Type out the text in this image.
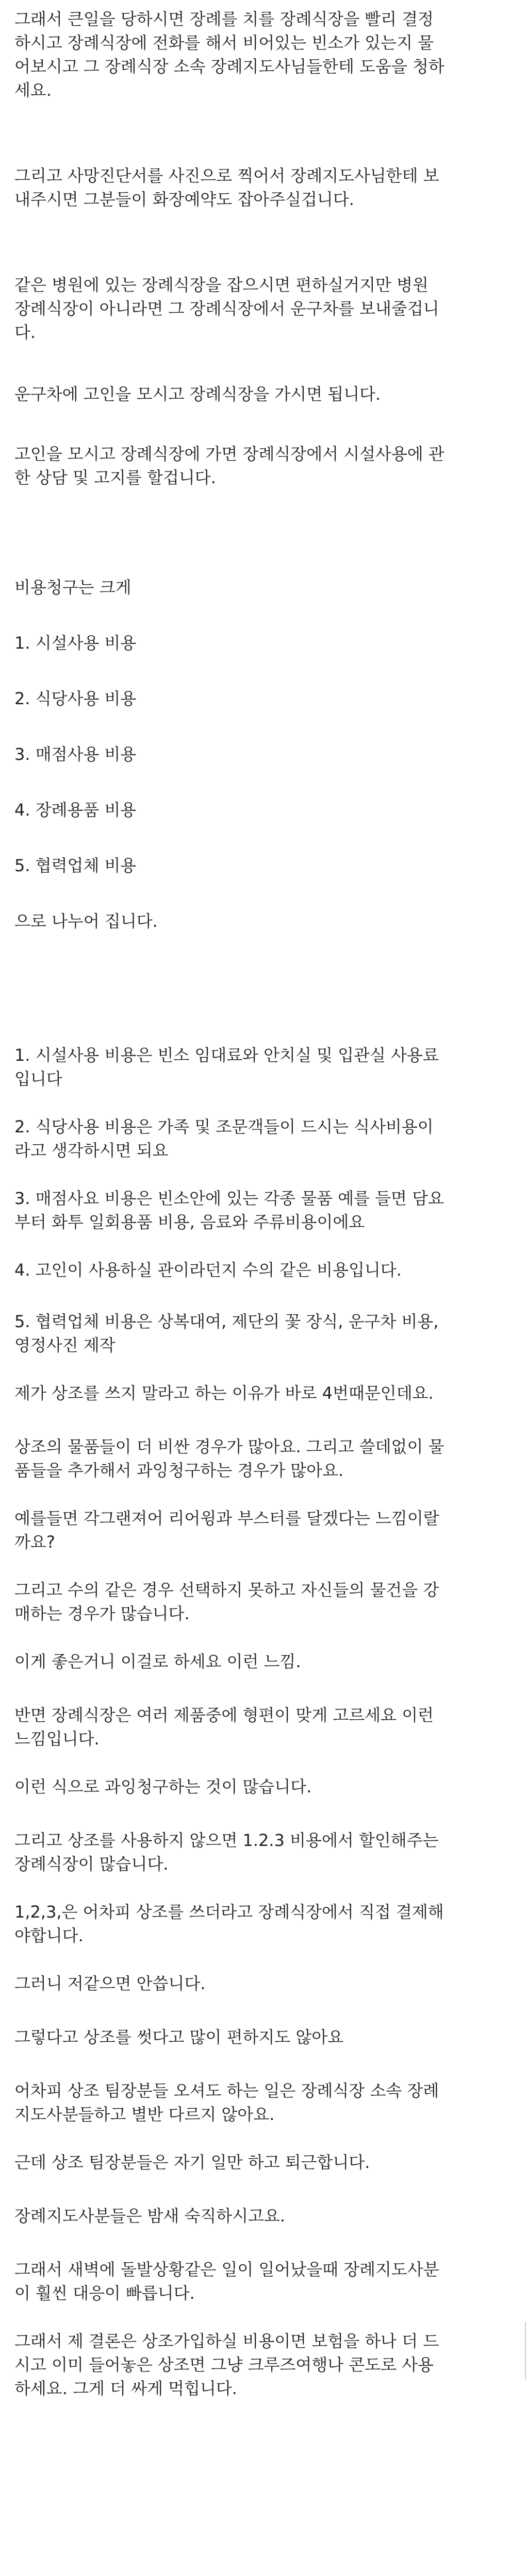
그래서 큰일을 당하시면 장례를 치를 장례식장을 빨리 결정
하시고 장례식장에 전화를 해서 비어있는 빈소가 있는지 물
어보시고 그 장례식장 소속 장례지도사님들한테 도움을 청하
세요.
그리고 사망진단서를 사진으로 찍어서 장례지도사님한테 보
내주시면 그분들이 화장예약도 잡아주실겁니다.
같은 병원에 있는 장례식장을 잡으시면 편하실거지만 병원
장례식장이 아니라면 그 장례식장에서 운구차를 보내줄겁니
다.
운구차에 고인을 모시고 장례식장을 가시면 됩니다.
고인을 모시고 장례식장에 가면 장례식장에서 시설사용에 관
한 상담 및 고지를 할겁니다.
비용청구는 크게
1. 시설사용 비용
2. 식당사용 비용
3. 매점사용 비용
4. 장례용품 비용
5. 협력업체 비용
으로 나누어 집니다.
1. 시설사용 비용은 빈소 임대료와 안치실 및 입관실 사용료
입니다
2. 식당사용 비용은 가족 및 조문객들이 드시는 식사비용이
라고 생각하시면 되요
3. 매점사요 비용은 빈소안에 있는 각종 물품 예를 들면 담요
부터 화투 일회용품 비용, 음료와 주류비용이에요
4. 고인이 사용하실 관이라던지 수의 같은 비용입니다.
5. 협력업체 비용은 상복대여, 제단의 꽃 장식, 운구차 비용,
영정사진 제작
제가 상조를 쓰지 말라고 하는 이유가 바로 4번때문인데요.
상조의 물품들이 더 비싼 경우가 많아요. 그리고 쓸데없이 물
품들을 추가해서 과잉청구하는 경우가 많아요.
예를들면 각그랜져어 리어윙과 부스터를 달겠다는 느낌이랄
까요?
그리고 수의 같은 경우 선택하지 못하고 자신들의 물건을 강
매하는 경우가 많습니다.
이게 좋은거니 이걸로 하세요 이런 느낌.
반면 장례식장은 여러 제품중에 형편이 맞게 고르세요 이런
느낌입니다.
이런 식으로 과잉청구하는 것이 많습니다.
그리고 상조를 사용하지 않으면 1.2.3 비용에서 할인해주는
장례식장이 많습니다.
1,2,3,은 어차피 상조를 쓰더라고 장례식장에서 직접 결제해
야합니다.
그러니 저같으면 안씁니다.
그렇다고 상조를 썻다고 많이 편하지도 않아요
어차피 상조 팀장분들 오셔도 하는 일은 장례식장 소속 장례
지도사분들하고 별반 다르지 않아요.
근데 상조 팀장분들은 자기 일만 하고 퇴근합니다.
장례지도사분들은 밤새 숙직하시고요.
그래서 새벽에 돌발상황같은 일이 일어났을때 장례지도사분
이 훨씬 대응이 빠릅니다.
그래서 제 결론은 상조가입하실 비용이면 보험을 하나 더 드
시고 이미 들어놓은 상조면 그냥 크루즈여행나 콘도로 사용
하세요. 그게 더 싸게 먹힙니다.
